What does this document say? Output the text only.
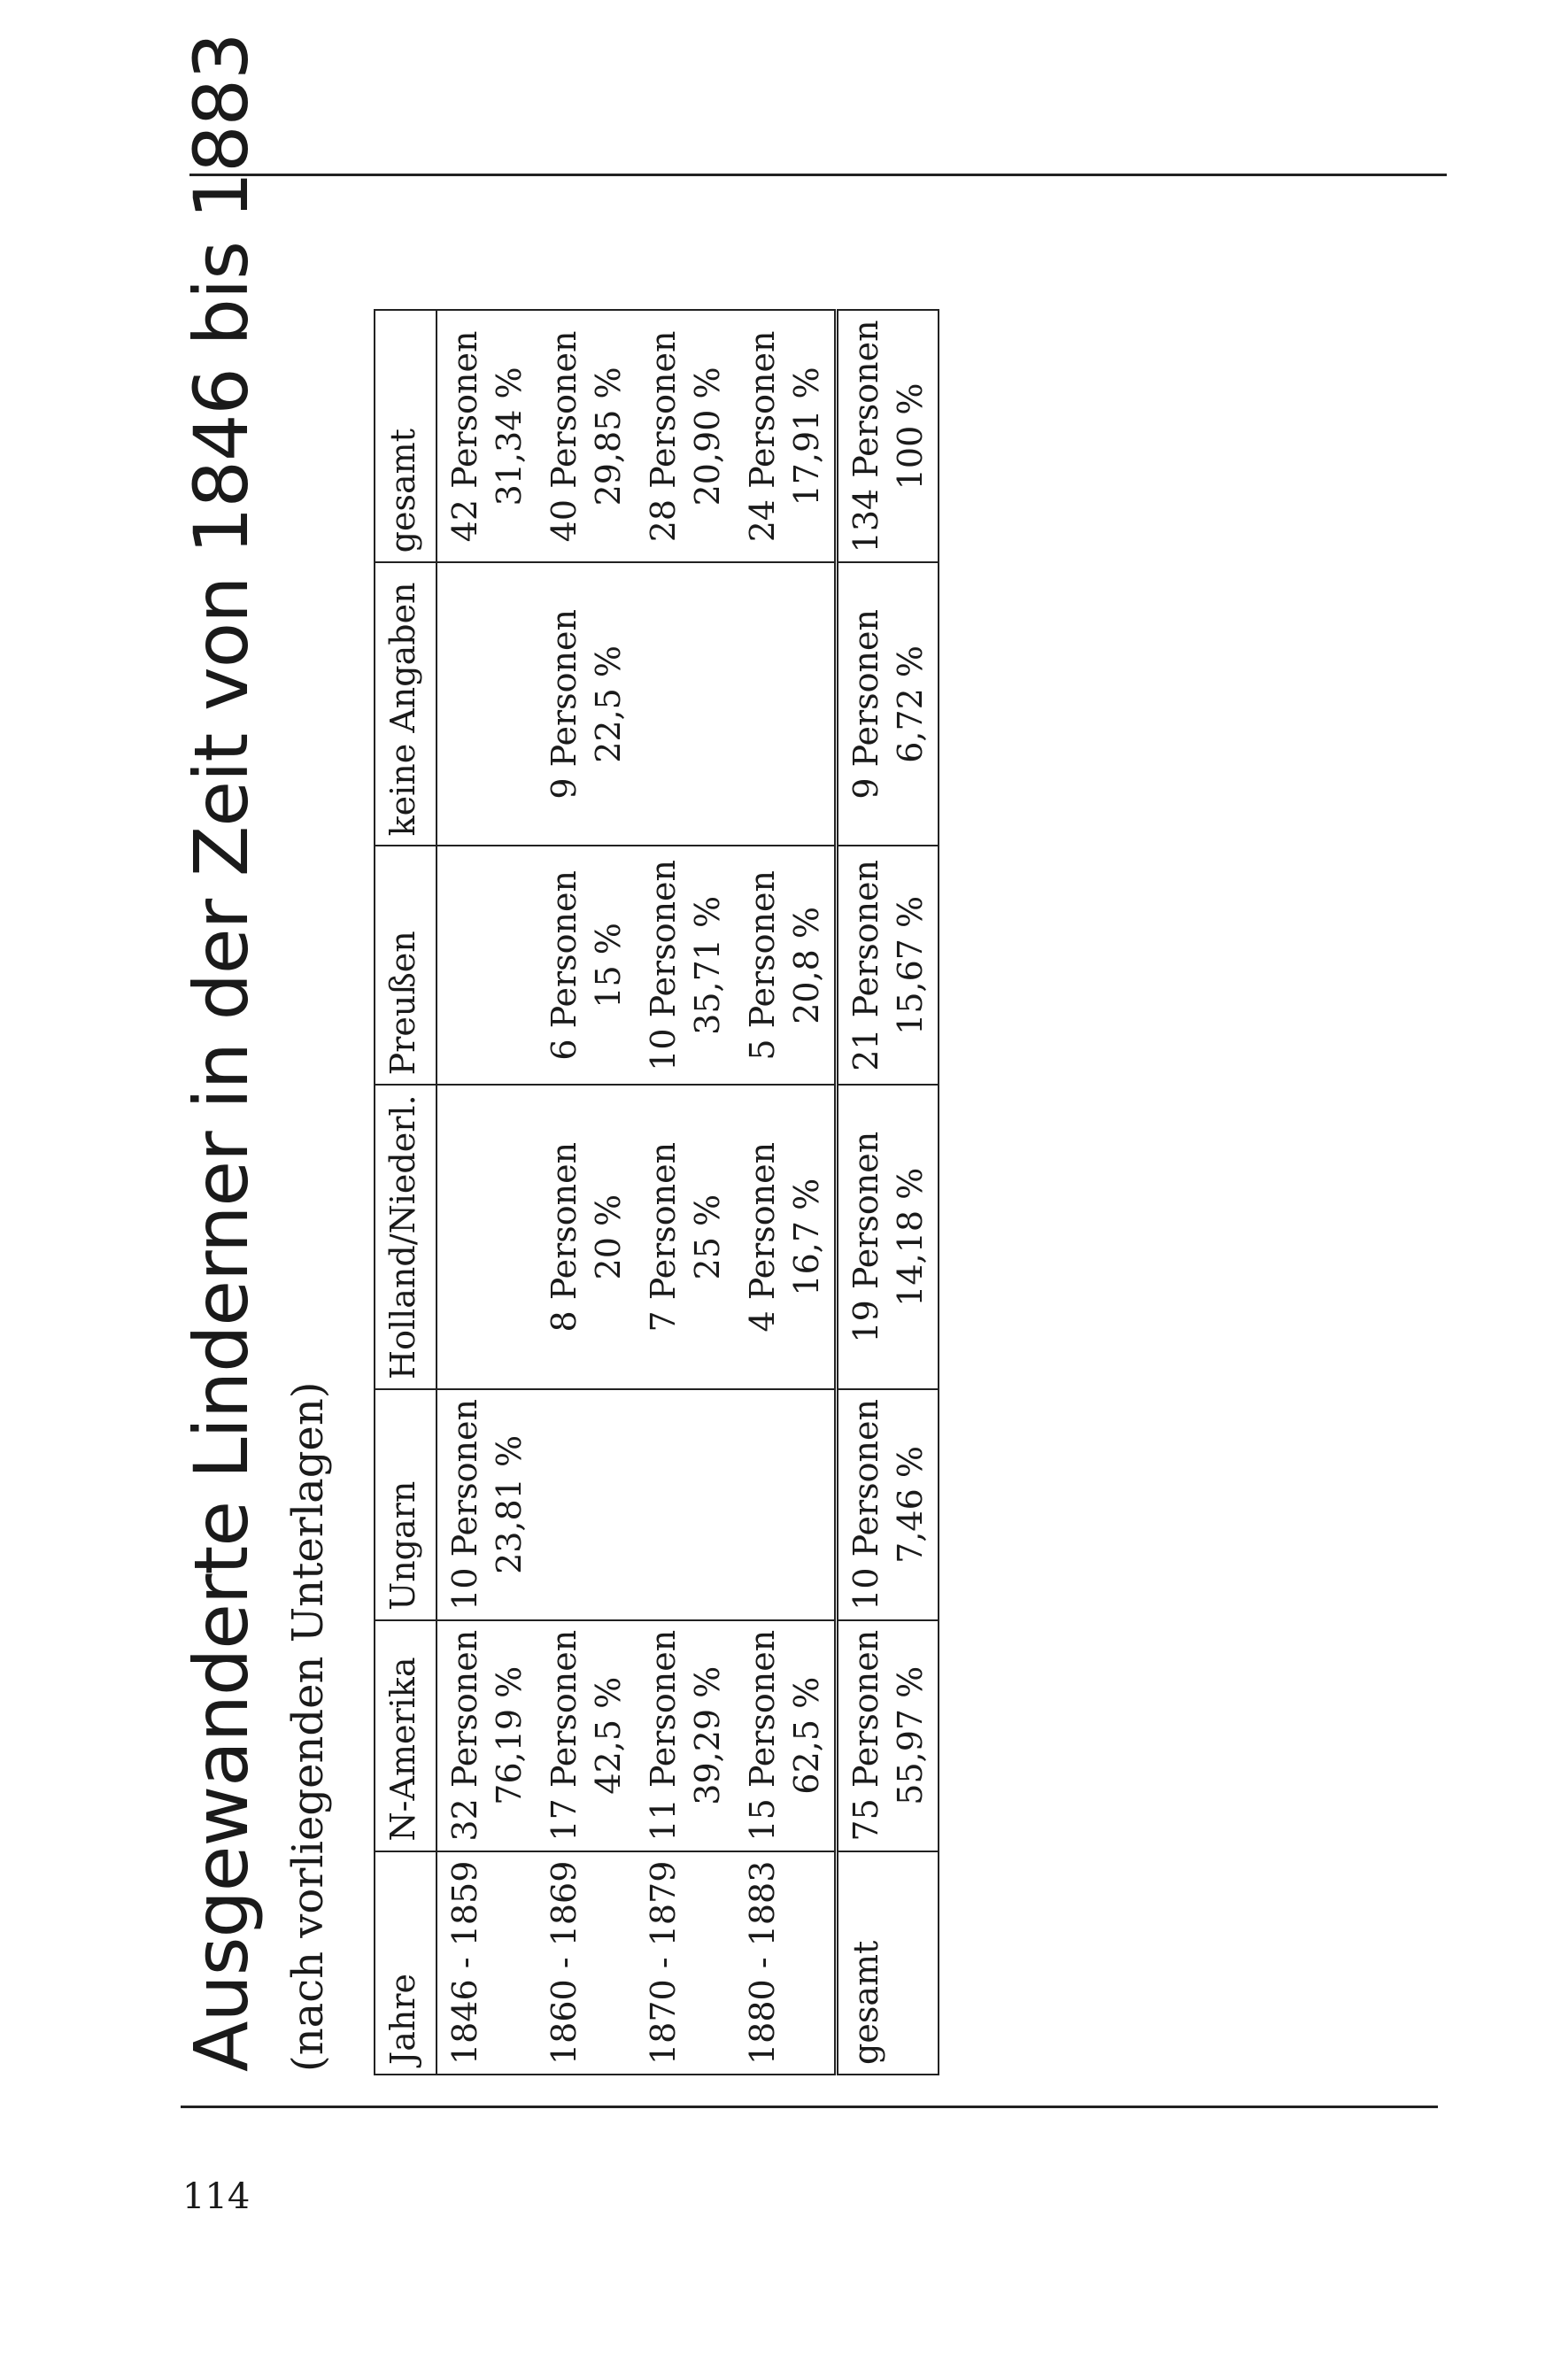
114
Ausgewanderte Linderner in der Zeit von 1846 bis 1883 (nach vorliegenden Unterlagen) Jahre	N-Amerika	Ungarn	Holland/Niederl.	Preußen	keine Angaben	gesamt
1846 - 1859	32 Personen 76,19 %	10 Personen 23,81 %				42 Personen 31,34 %

1860 - 1869	17 Personen 42,5 %		8 Personen 20 %	6 Personen 15 %	9 Personen 22,5 %	40 Personen 29,85 %

1870 - 1879	11 Personen 39,29 %		7 Personen 25 %	10 Personen 35,71 %		28 Personen 20,90 %

1880 - 1883	15 Personen 62,5 %		4 Personen 16,7 %	5 Personen 20,8 %		24 Personen 17,91 %

gesamt	75 Personen 55,97 %	10 Personen 7,46 %	19 Personen 14,18 %	21 Personen 15,67 %	9 Personen 6,72 %	134 Personen 100 %
